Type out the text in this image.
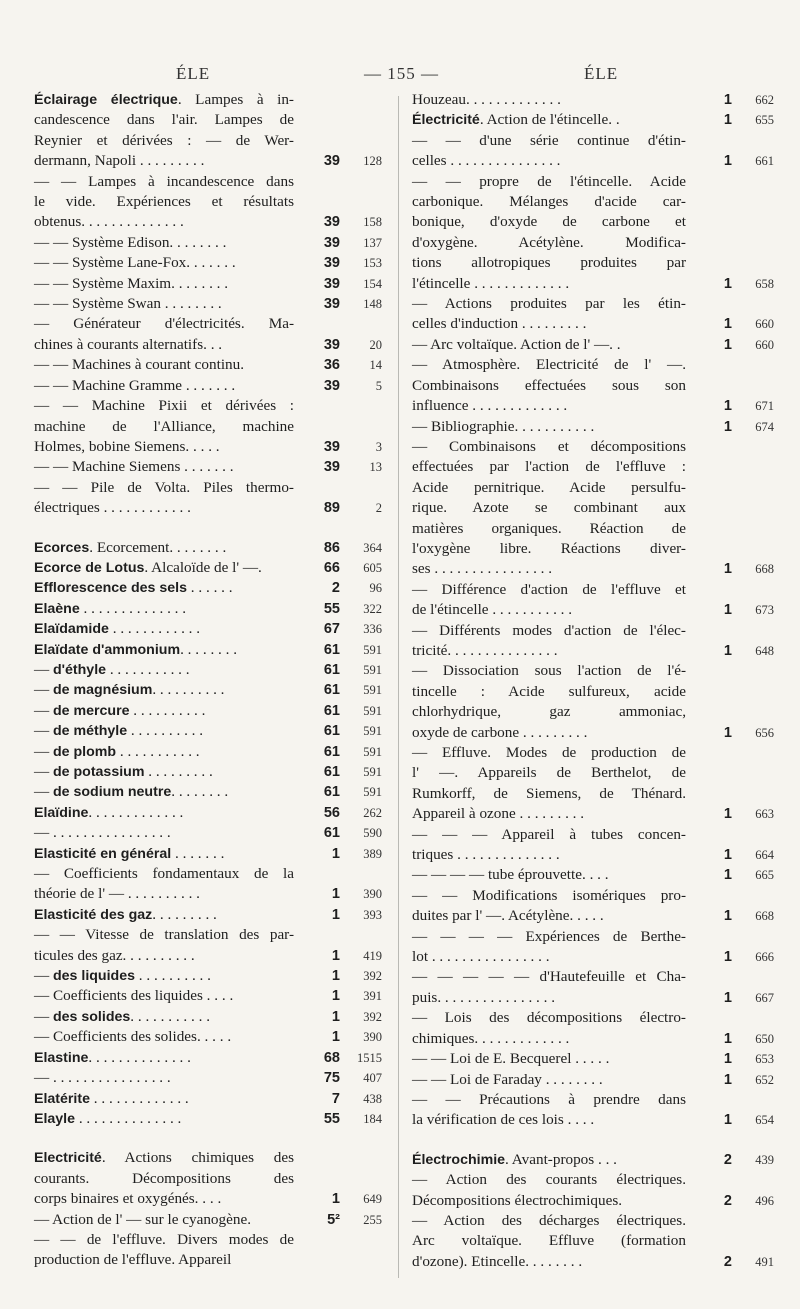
ÉLE	— 155 —	ÉLE
Éclairage électrique. Lampes à in-
candescence dans l'air. Lampes de
Reynier et dérivées : — de Wer-
dermann, Napoli . . . . . . . . .	39	128
— — Lampes à incandescence dans
le vide. Expériences et résultats
obtenus. . . . . . . . . . . . . .	39	158
— — Système Edison. . . . . . . .	39	137
— — Système Lane-Fox. . . . . . .	39	153
— — Système Maxim. . . . . . . .	39	154
— — Système Swan . . . . . . . .	39	148
— Générateur d'électricités. Ma-
chines à courants alternatifs. . .	39	20
— — Machines à courant continu.	36	14
— — Machine Gramme . . . . . . .	39	5
— — Machine Pixii et dérivées :
machine de l'Alliance, machine
Holmes, bobine Siemens. . . . .	39	3
— — Machine Siemens . . . . . . .	39	13
— — Pile de Volta. Piles thermo-
électriques . . . . . . . . . . . .	89	2
Ecorces. Ecorcement. . . . . . . .	86	364
Ecorce de Lotus. Alcaloïde de l' —.	66	605
Efflorescence des sels . . . . . .	2	96
Elaène . . . . . . . . . . . . . .	55	322
Elaïdamide . . . . . . . . . . . .	67	336
Elaïdate d'ammonium. . . . . . . .	61	591
— d'éthyle . . . . . . . . . . .	61	591
— de magnésium. . . . . . . . . .	61	591
— de mercure . . . . . . . . . .	61	591
— de méthyle . . . . . . . . . .	61	591
— de plomb . . . . . . . . . . .	61	591
— de potassium . . . . . . . . .	61	591
— de sodium neutre. . . . . . . .	61	591
Elaïdine. . . . . . . . . . . . .	56	262
— . . . . . . . . . . . . . . . .	61	590
Elasticité en général . . . . . . .	1	389
— Coefficients fondamentaux de la
théorie de l' — . . . . . . . . . .	1	390
Elasticité des gaz. . . . . . . . .	1	393
— — Vitesse de translation des par-
ticules des gaz. . . . . . . . . .	1	419
— des liquides . . . . . . . . . .	1	392
— Coefficients des liquides . . . .	1	391
— des solides. . . . . . . . . . .	1	392
— Coefficients des solides. . . . .	1	390
Elastine. . . . . . . . . . . . . .	68	1515
— . . . . . . . . . . . . . . . .	75	407
Elatérite . . . . . . . . . . . . .	7	438
Elayle . . . . . . . . . . . . . .	55	184
Electricité. Actions chimiques des
courants. Décompositions des
corps binaires et oxygénés. . . .	1	649
— Action de l' — sur le cyanogène.	5²	255
— — de l'effluve. Divers modes de
production de l'effluve. Appareil
Houzeau. . . . . . . . . . . . .	1	662
Électricité. Action de l'étincelle. .	1	655
— — d'une série continue d'étin-
celles . . . . . . . . . . . . . . .	1	661
— — propre de l'étincelle. Acide
carbonique. Mélanges d'acide car-
bonique, d'oxyde de carbone et
d'oxygène. Acétylène. Modifica-
tions allotropiques produites par
l'étincelle . . . . . . . . . . . . .	1	658
— Actions produites par les étin-
celles d'induction . . . . . . . . .	1	660
— Arc voltaïque. Action de l' —. .	1	660
— Atmosphère. Electricité de l' —.
Combinaisons effectuées sous son
influence . . . . . . . . . . . . .	1	671
— Bibliographie. . . . . . . . . . .	1	674
— Combinaisons et décompositions
effectuées par l'action de l'effluve :
Acide pernitrique. Acide persulfu-
rique. Azote se combinant aux
matières organiques. Réaction de
l'oxygène libre. Réactions diver-
ses . . . . . . . . . . . . . . . .	1	668
— Différence d'action de l'effluve et
de l'étincelle . . . . . . . . . . .	1	673
— Différents modes d'action de l'élec-
tricité. . . . . . . . . . . . . . .	1	648
— Dissociation sous l'action de l'é-
tincelle : Acide sulfureux, acide
chlorhydrique, gaz ammoniac,
oxyde de carbone . . . . . . . . .	1	656
— Effluve. Modes de production de
l' —. Appareils de Berthelot, de
Rumkorff, de Siemens, de Thénard.
Appareil à ozone . . . . . . . . .	1	663
— — — Appareil à tubes concen-
triques . . . . . . . . . . . . . .	1	664
— — — — tube éprouvette. . . .	1	665
— — Modifications isomériques pro-
duites par l' —. Acétylène. . . . .	1	668
— — — — Expériences de Berthe-
lot . . . . . . . . . . . . . . . .	1	666
— — — — — d'Hautefeuille et Cha-
puis. . . . . . . . . . . . . . . .	1	667
— Lois des décompositions électro-
chimiques. . . . . . . . . . . . .	1	650
— — Loi de E. Becquerel . . . . .	1	653
— — Loi de Faraday . . . . . . . .	1	652
— — Précautions à prendre dans
la vérification de ces lois . . . .	1	654
Électrochimie. Avant-propos . . .	2	439
— Action des courants électriques.
Décompositions électrochimiques.	2	496
— Action des décharges électriques.
Arc voltaïque. Effluve (formation
d'ozone). Etincelle. . . . . . . .	2	491
